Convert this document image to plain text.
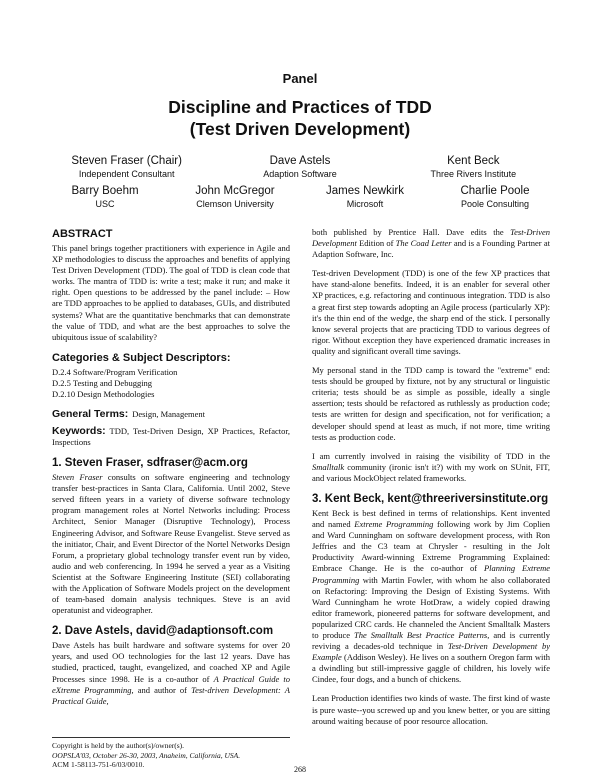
Panel
Discipline and Practices of TDD
(Test Driven Development)
Steven Fraser (Chair)
Independent Consultant
Dave Astels
Adaption Software
Kent Beck
Three Rivers Institute
Barry Boehm
USC
John McGregor
Clemson University
James Newkirk
Microsoft
Charlie Poole
Poole Consulting
ABSTRACT

This panel brings together practitioners with experience in Agile and XP methodologies to discuss the approaches and benefits of applying Test Driven Development (TDD). The goal of TDD is clean code that works. The mantra of TDD is: write a test; make it run; and make it right. Open questions to be addressed by the panel include: – How are TDD approaches to be applied to databases, GUIs, and distributed systems? What are the quantitative benchmarks that can demonstrate the value of TDD, and what are the best approaches to solve the ubiquitous issue of scalability?

Categories & Subject Descriptors:
D.2.4 Software/Program Verification
D.2.5 Testing and Debugging
D.2.10 Design Methodologies
General Terms: Design, Management
Keywords: TDD, Test-Driven Design, XP Practices, Refactor, Inspections
1. Steven Fraser, sdfraser@acm.org

Steven Fraser consults on software engineering and technology transfer best-practices in Santa Clara, California. Until 2002, Steve served fifteen years in a variety of diverse software technology program management roles at Nortel Networks including: Process Architect, Senior Manager (Disruptive Technology), Process Engineering Advisor, and Software Reuse Evangelist. Steve served as the initiator, Chair, and Event Director of the Nortel Networks Design Forum, a proprietary global technology transfer event run by video, audio and web conferencing. In 1994 he served a year as a Visiting Scientist at the Software Engineering Institute (SEI) collaborating with the Application of Software Models project on the development of team-based domain analysis techniques. Steve is an avid operatunist and videographer.

2. Dave Astels, david@adaptionsoft.com

Dave Astels has built hardware and software systems for over 20 years, and used OO technologies for the last 12 years. Dave has studied, practiced, taught, evangelized, and coached XP and Agile Processes since 1998. He is a co-author of A Practical Guide to eXtreme Programming, and author of Test-driven Development: A Practical Guide,

both published by Prentice Hall. Dave edits the Test-Driven Development Edition of The Coad Letter and is a Founding Partner at Adaption Software, Inc.

Test-driven Development (TDD) is one of the few XP practices that have stand-alone benefits. Indeed, it is an enabler for several other XP practices, e.g. refactoring and continuous integration. TDD is also a great first step towards adopting an Agile process (particularly XP): it's the thin end of the wedge, the sharp end of the stick. I personally know several projects that are practicing TDD to various degrees of rigor. Without exception they have experienced dramatic increases in quality and significant overall time savings.

My personal stand in the TDD camp is toward the "extreme" end: tests should be grouped by fixture, not by any structural or linguistic criteria; tests should be as simple as possible, ideally a single assertion; tests should be refactored as ruthlessly as production code; tests are written for design and specification, not for verification; a developer should spend at least as much, if not more, time writing tests as production code.

I am currently involved in raising the visibility of TDD in the Smalltalk community (ironic isn't it?) with my work on SUnit, FIT, and various MockObject related frameworks.

3. Kent Beck, kent@threeriversinstitute.org

Kent Beck is best defined in terms of relationships. Kent invented and named Extreme Programming following work by Jim Coplien and Ward Cunningham on software development process, with Ron Jeffries and the C3 team at Chrysler - resulting in the Jolt Productivity Award-winning Extreme Programming Explained: Embrace Change. He is the co-author of Planning Extreme Programming with Martin Fowler, with whom he also collaborated on Refactoring: Improving the Design of Existing Systems. With Ward Cunningham he wrote HotDraw, a widely copied drawing editor framework, pioneered patterns for software development, and popularized CRC cards. He channeled the Ancient Smalltalk Masters to produce The Smalltalk Best Practice Patterns, and is currently reviving a decades-old technique in Test-Driven Development by Example (Addison Wesley). He lives on a southern Oregon farm with a dwindling but still-impressive gaggle of children, his lovely wife Cindee, four dogs, and a bunch of chickens.

Lean Production identifies two kinds of waste. The first kind of waste is pure waste--you screwed up and you knew better, or you are sitting around waiting because of poor resource allocation.

Copyright is held by the author(s)/owner(s).
OOPSLA'03, October 26-30, 2003, Anaheim, California, USA.
ACM 1-58113-751-6/03/0010.
268
